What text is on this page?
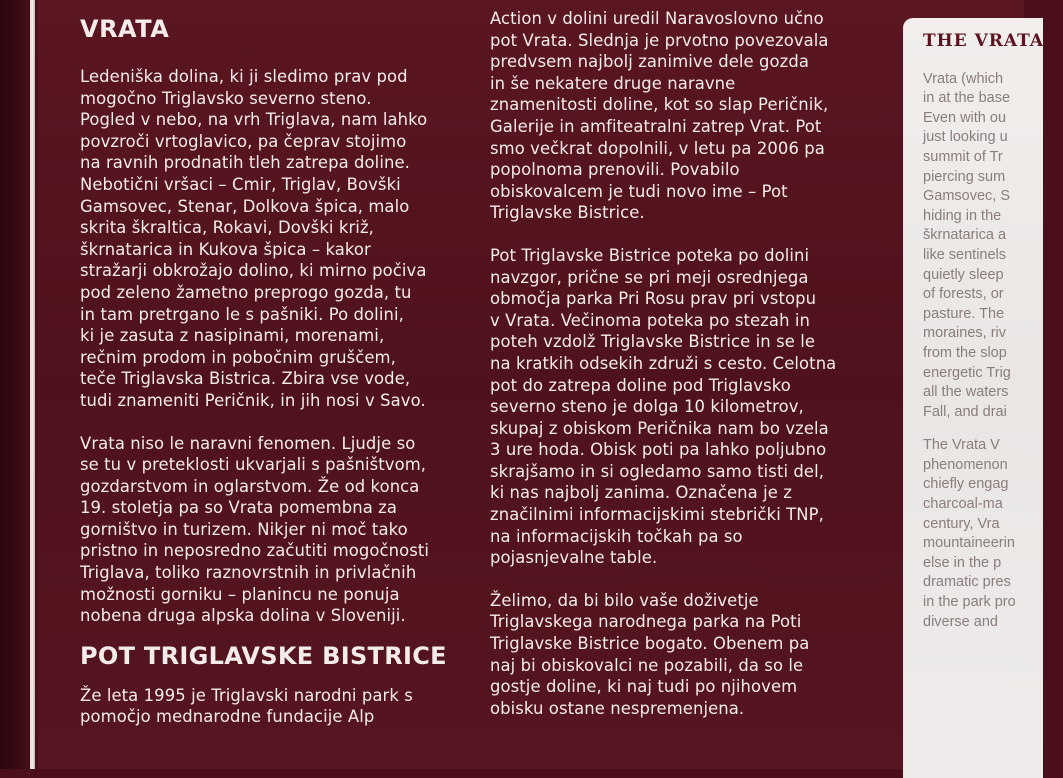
VRATA

Ledeniška dolina, ki ji sledimo prav pod
mogočno Triglavsko severno steno.
Pogled v nebo, na vrh Triglava, nam lahko
povzroči vrtoglavico, pa čeprav stojimo
na ravnih prodnatih tleh zatrepa doline.
Nebotični vršaci – Cmir, Triglav, Bovški
Gamsovec, Stenar, Dolkova špica, malo
skrita škraltica, Rokavi, Dovški križ,
škrnatarica in Kukova špica – kakor
stražarji obkrožajo dolino, ki mirno počiva
pod zeleno žametno preprogo gozda, tu
in tam pretrgano le s pašniki. Po dolini,
ki je zasuta z nasipinami, morenami,
rečnim prodom in pobočnim gruščem,
teče Triglavska Bistrica. Zbira vse vode,
tudi znameniti Peričnik, in jih nosi v Savo.

Vrata niso le naravni fenomen. Ljudje so
se tu v preteklosti ukvarjali s pašništvom,
gozdarstvom in oglarstvom. Že od konca
19. stoletja pa so Vrata pomembna za
gorništvo in turizem. Nikjer ni moč tako
pristno in neposredno začutiti mogočnosti
Triglava, toliko raznovrstnih in privlačnih
možnosti gorniku – planincu ne ponuja
nobena druga alpska dolina v Sloveniji.

POT TRIGLAVSKE BISTRICE

Že leta 1995 je Triglavski narodni park s
pomočjo mednarodne fundacije Alp

Action v dolini uredil Naravoslovno učno
pot Vrata. Slednja je prvotno povezovala
predvsem najbolj zanimive dele gozda
in še nekatere druge naravne
znamenitosti doline, kot so slap Peričnik,
Galerije in amfiteatralni zatrep Vrat. Pot
smo večkrat dopolnili, v letu pa 2006 pa
popolnoma prenovili. Povabilo
obiskovalcem je tudi novo ime – Pot
Triglavske Bistrice.

Pot Triglavske Bistrice poteka po dolini
navzgor, prične se pri meji osrednjega
območja parka Pri Rosu prav pri vstopu
v Vrata. Večinoma poteka po stezah in
poteh vzdolž Triglavske Bistrice in se le
na kratkih odsekih združi s cesto. Celotna
pot do zatrepa doline pod Triglavsko
severno steno je dolga 10 kilometrov,
skupaj z obiskom Peričnika nam bo vzela
3 ure hoda. Obisk poti pa lahko poljubno
skrajšamo in si ogledamo samo tisti del,
ki nas najbolj zanima. Označena je z
značilnimi informacijskimi stebrički TNP,
na informacijskih točkah pa so
pojasnjevalne table.

Želimo, da bi bilo vaše doživetje
Triglavskega narodnega parka na Poti
Triglavske Bistrice bogato. Obenem pa
naj bi obiskovalci ne pozabili, da so le
gostje doline, ki naj tudi po njihovem
obisku ostane nespremenjena.

THE VRATA

Vrata (which
in at the base
Even with ou
just looking u
summit of Tr
piercing sum
Gamsovec, S
hiding in the
škrnatarica a
like sentinels
quietly sleep
of forests, or
pasture. The
moraines, riv
from the slop
energetic Trig
all the waters
Fall, and drai

The Vrata V
phenomenon
chiefly engag
charcoal-ma
century, Vra
mountaineerin
else in the p
dramatic pres
in the park pro
diverse and
